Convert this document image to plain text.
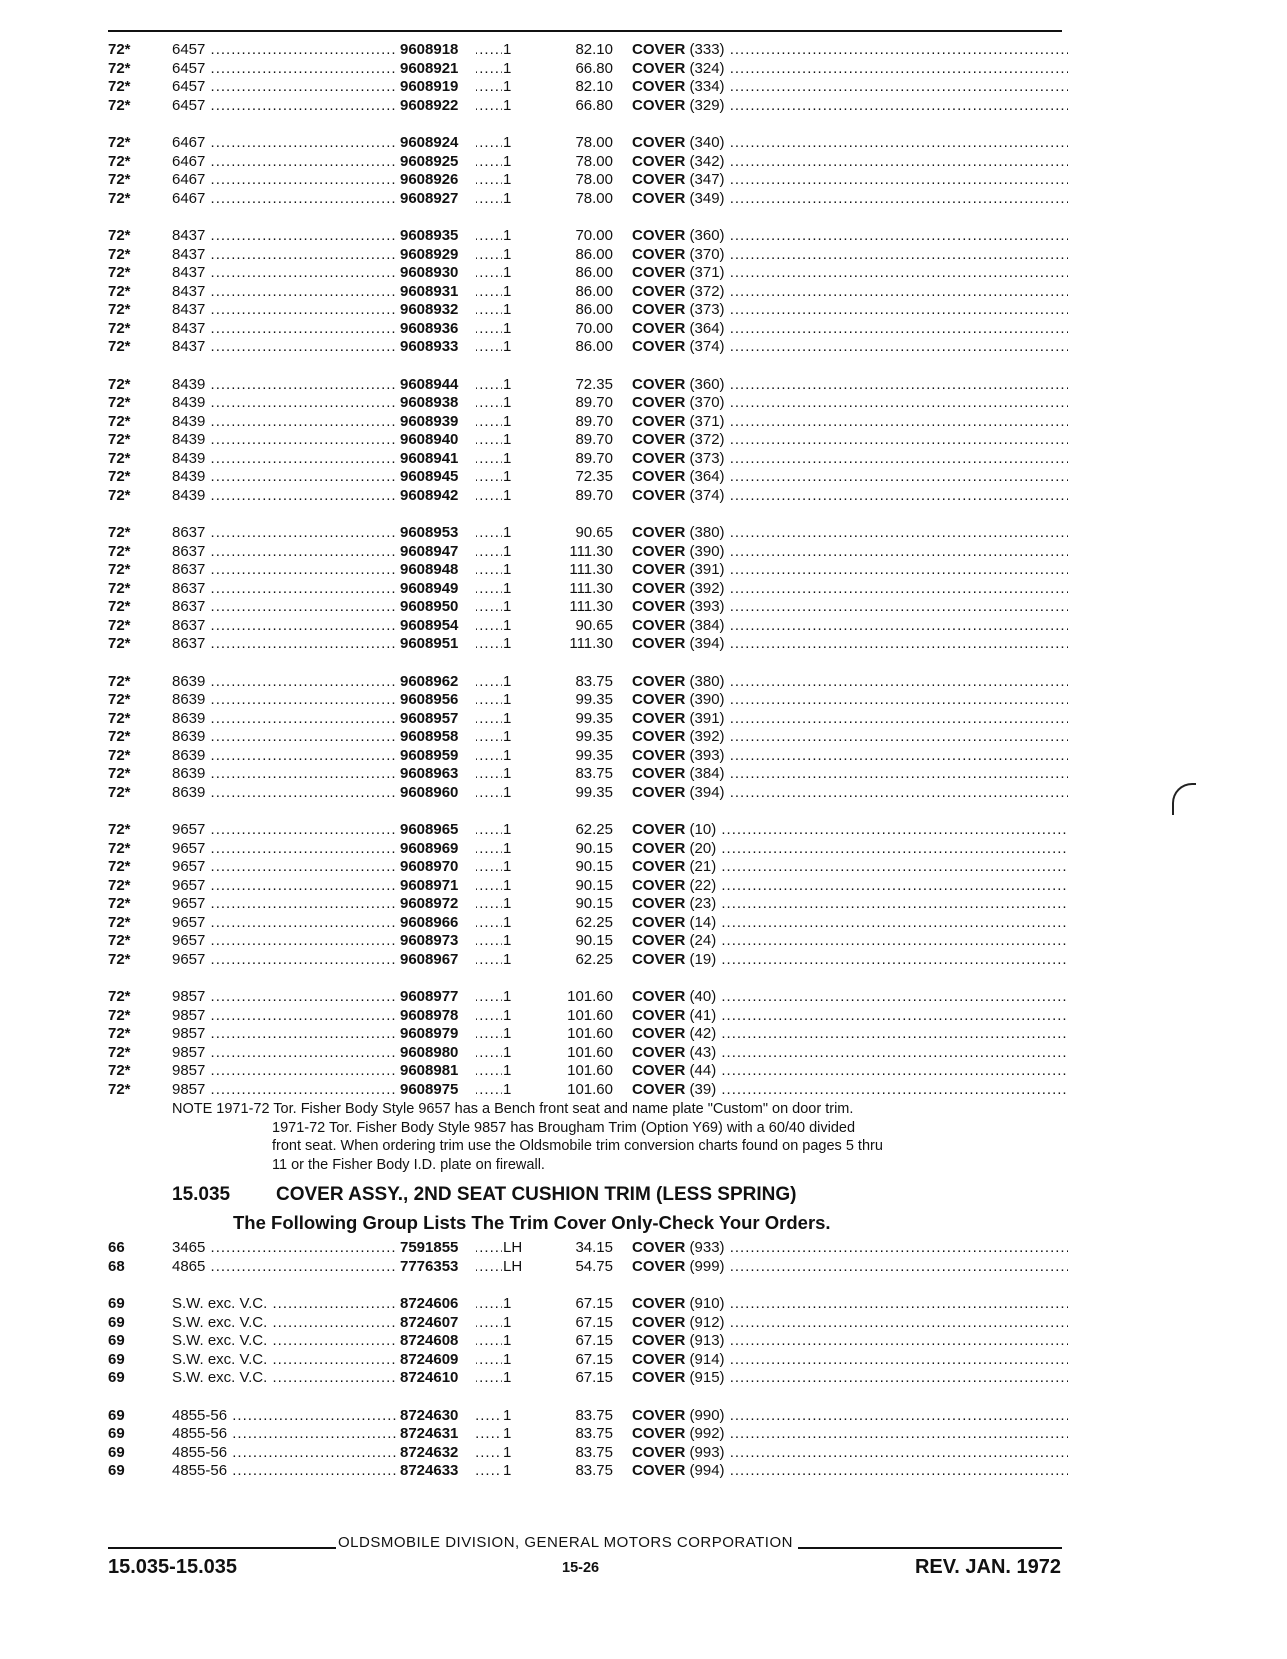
72*	6457 .....	9608918	1	82.10 COVER (333) .....
72*	6457 .....	9608921	1	66.80 COVER (324) .....
72*	6457 .....	9608919	1	82.10 COVER (334) .....
72*	6457 .....	9608922	1	66.80 COVER (329) .....
72*	6467 .....	9608924	1	78.00 COVER (340) .....
72*	6467 .....	9608925	1	78.00 COVER (342) .....
72*	6467 .....	9608926	1	78.00 COVER (347) .....
72*	6467 .....	9608927	1	78.00 COVER (349) .....
72*	8437 .....	9608935	1	70.00 COVER (360) .....
72*	8437 .....	9608929	1	86.00 COVER (370) .....
72*	8437 .....	9608930	1	86.00 COVER (371) .....
72*	8437 .....	9608931	1	86.00 COVER (372) .....
72*	8437 .....	9608932	1	86.00 COVER (373) .....
72*	8437 .....	9608936	1	70.00 COVER (364) .....
72*	8437 .....	9608933	1	86.00 COVER (374) .....
72*	8439 .....	9608944	1	72.35 COVER (360) .....
72*	8439 .....	9608938	1	89.70 COVER (370) .....
72*	8439 .....	9608939	1	89.70 COVER (371) .....
72*	8439 .....	9608940	1	89.70 COVER (372) .....
72*	8439 .....	9608941	1	89.70 COVER (373) .....
72*	8439 .....	9608945	1	72.35 COVER (364) .....
72*	8439 .....	9608942	1	89.70 COVER (374) .....
72*	8637 .....	9608953	1	90.65 COVER (380) .....
72*	8637 .....	9608947	1	111.30 COVER (390) .....
72*	8637 .....	9608948	1	111.30 COVER (391) .....
72*	8637 .....	9608949	1	111.30 COVER (392) .....
72*	8637 .....	9608950	1	111.30 COVER (393) .....
72*	8637 .....	9608954	1	90.65 COVER (384) .....
72*	8637 .....	9608951	1	111.30 COVER (394) .....
72*	8639 .....	9608962	1	83.75 COVER (380) .....
72*	8639 .....	9608956	1	99.35 COVER (390) .....
72*	8639 .....	9608957	1	99.35 COVER (391) .....
72*	8639 .....	9608958	1	99.35 COVER (392) .....
72*	8639 .....	9608959	1	99.35 COVER (393) .....
72*	8639 .....	9608963	1	83.75 COVER (384) .....
72*	8639 .....	9608960	1	99.35 COVER (394) .....
72*	9657 .....	9608965	1	62.25 COVER (10) .....
72*	9657 .....	9608969	1	90.15 COVER (20) .....
72*	9657 .....	9608970	1	90.15 COVER (21) .....
72*	9657 .....	9608971	1	90.15 COVER (22) .....
72*	9657 .....	9608972	1	90.15 COVER (23) .....
72*	9657 .....	9608966	1	62.25 COVER (14) .....
72*	9657 .....	9608973	1	90.15 COVER (24) .....
72*	9657 .....	9608967	1	62.25 COVER (19) .....
72*	9857 .....	9608977	1	101.60 COVER (40) .....
72*	9857 .....	9608978	1	101.60 COVER (41) .....
72*	9857 .....	9608979	1	101.60 COVER (42) .....
72*	9857 .....	9608980	1	101.60 COVER (43) .....
72*	9857 .....	9608981	1	101.60 COVER (44) .....
72*	9857 .....	9608975	1	101.60 COVER (39) .....
NOTE 1971-72 Tor. Fisher Body Style 9657 has a Bench front seat and name plate "Custom" on door trim.
1971-72 Tor. Fisher Body Style 9857 has Brougham Trim (Option Y69) with a 60/40 divided
front seat. When ordering trim use the Oldsmobile trim conversion charts found on pages 5 thru
11 or the Fisher Body I.D. plate on firewall.
15.035 COVER ASSY., 2ND SEAT CUSHION TRIM (LESS SPRING)
The Following Group Lists The Trim Cover Only-Check Your Orders.
66	3465 .....	7591855	LH	34.15 COVER (933) .....
68	4865 .....	7776353	LH	54.75 COVER (999) .....
69	S.W. exc. V.C. .....	8724606	1	67.15 COVER (910) .....
69	S.W. exc. V.C. .....	8724607	1	67.15 COVER (912) .....
69	S.W. exc. V.C. .....	8724608	1	67.15 COVER (913) .....
69	S.W. exc. V.C. .....	8724609	1	67.15 COVER (914) .....
69	S.W. exc. V.C. .....	8724610	1	67.15 COVER (915) .....
69	4855-56 .....	8724630	1	83.75 COVER (990) .....
69	4855-56 .....	8724631	1	83.75 COVER (992) .....
69	4855-56 .....	8724632	1	83.75 COVER (993) .....
69	4855-56 .....	8724633	1	83.75 COVER (994) .....
OLDSMOBILE DIVISION, GENERAL MOTORS CORPORATION
15.035-15.035	15-26	REV. JAN. 1972
